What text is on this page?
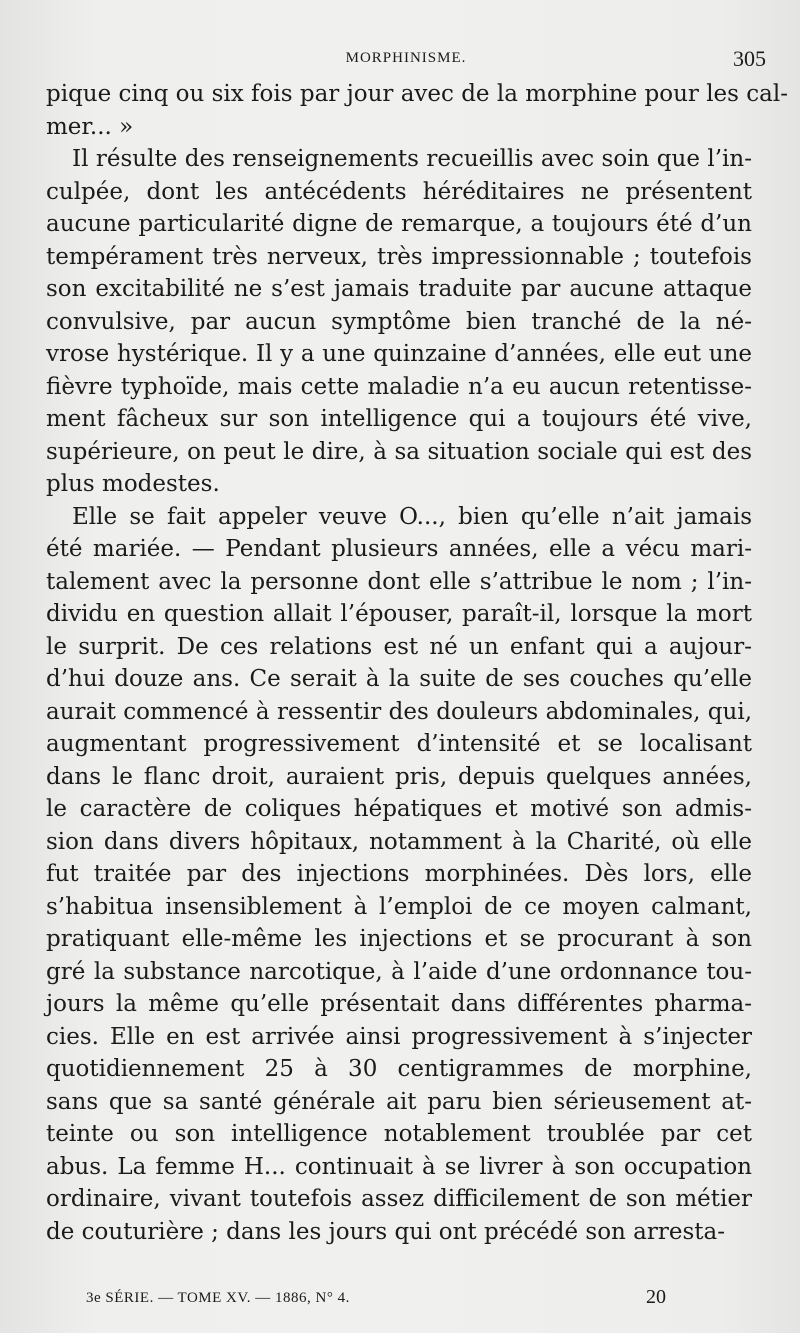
MORPHINISME.	305
pique cinq ou six fois par jour avec de la morphine pour les cal-
mer... »
Il résulte des renseignements recueillis avec soin que l’in-
culpée, dont les antécédents héréditaires ne présentent
aucune particularité digne de remarque, a toujours été d’un
tempérament très nerveux, très impressionnable ; toutefois
son excitabilité ne s’est jamais traduite par aucune attaque
convulsive, par aucun symptôme bien tranché de la né-
vrose hystérique. Il y a une quinzaine d’années, elle eut une
fièvre typhoïde, mais cette maladie n’a eu aucun retentisse-
ment fâcheux sur son intelligence qui a toujours été vive,
supérieure, on peut le dire, à sa situation sociale qui est des
plus modestes.
Elle se fait appeler veuve O..., bien qu’elle n’ait jamais
été mariée. — Pendant plusieurs années, elle a vécu mari-
talement avec la personne dont elle s’attribue le nom ; l’in-
dividu en question allait l’épouser, paraît-il, lorsque la mort
le surprit. De ces relations est né un enfant qui a aujour-
d’hui douze ans. Ce serait à la suite de ses couches qu’elle
aurait commencé à ressentir des douleurs abdominales, qui,
augmentant progressivement d’intensité et se localisant
dans le flanc droit, auraient pris, depuis quelques années,
le caractère de coliques hépatiques et motivé son admis-
sion dans divers hôpitaux, notamment à la Charité, où elle
fut traitée par des injections morphinées. Dès lors, elle
s’habitua insensiblement à l’emploi de ce moyen calmant,
pratiquant elle-même les injections et se procurant à son
gré la substance narcotique, à l’aide d’une ordonnance tou-
jours la même qu’elle présentait dans différentes pharma-
cies. Elle en est arrivée ainsi progressivement à s’injecter
quotidiennement 25 à 30 centigrammes de morphine,
sans que sa santé générale ait paru bien sérieusement at-
teinte ou son intelligence notablement troublée par cet
abus. La femme H... continuait à se livrer à son occupation
ordinaire, vivant toutefois assez difficilement de son métier
de couturière ; dans les jours qui ont précédé son arresta-
3e SÉRIE. — TOME XV. — 1886, N° 4.	20
